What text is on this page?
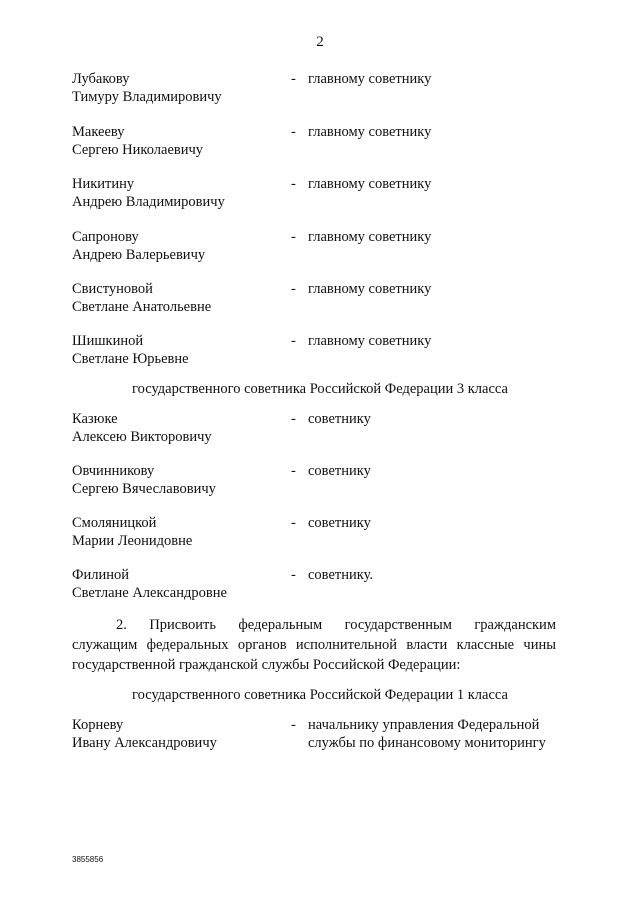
2
Лубакову
Тимуру Владимировичу
- главному советнику
Макееву
Сергею Николаевичу
- главному советнику
Никитину
Андрею Владимировичу
- главному советнику
Сапронову
Андрею Валерьевичу
- главному советнику
Свистуновой
Светлане Анатольевне
- главному советнику
Шишкиной
Светлане Юрьевне
- главному советнику
государственного советника Российской Федерации 3 класса
Казюке
Алексею Викторовичу
- советнику
Овчинникову
Сергею Вячеславовичу
- советнику
Смоляницкой
Марии Леонидовне
- советнику
Филиной
Светлане Александровне
- советнику.
2. Присвоить федеральным государственным гражданским
служащим федеральных органов исполнительной власти классные чины государственной гражданской службы Российской Федерации:
государственного советника Российской Федерации 1 класса
Корневу
Ивану Александровичу
- начальнику управления Федеральной службы по финансовому мониторингу
3855856
